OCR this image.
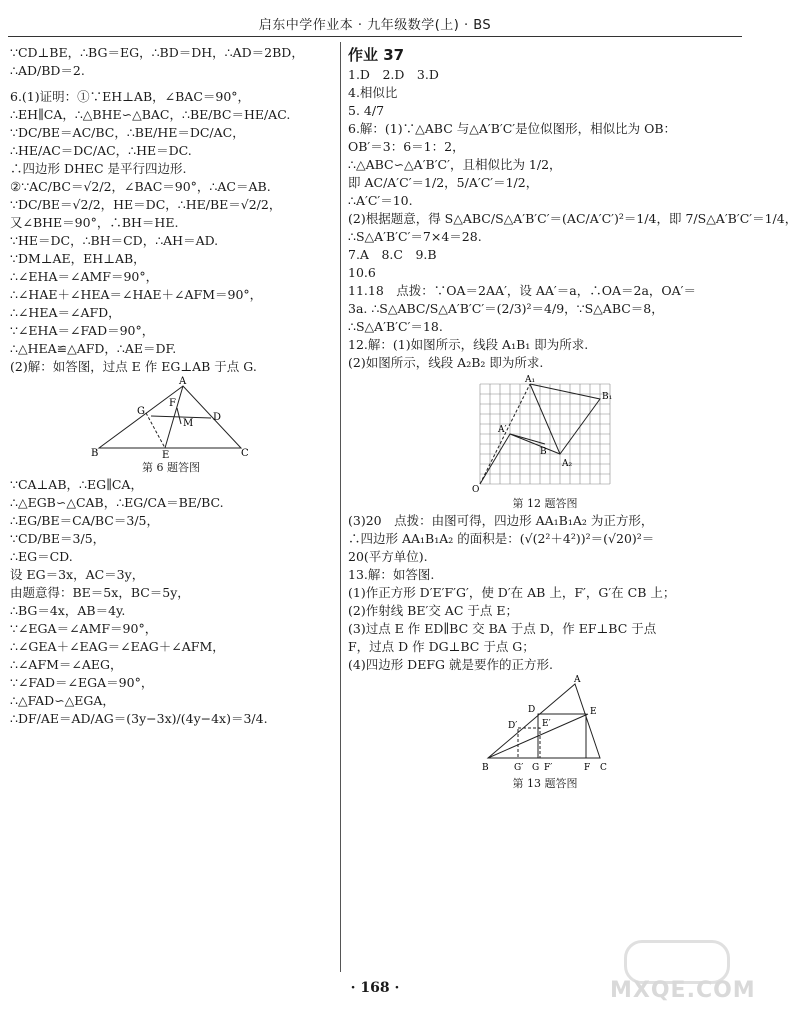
启东中学作业本 · 九年级数学(上) · BS
∵CD⊥BE，∴BG＝EG，∴BD＝DH，∴AD＝2BD，
∴AD/BD＝2.
6.(1)证明：①∵EH⊥AB，∠BAC＝90°，
∴EH∥CA，∴△BHE∽△BAC，∴BE/BC＝HE/AC.
∵DC/BE＝AC/BC，∴BE/HE＝DC/AC，
∴HE/AC＝DC/AC，∴HE＝DC.
∴四边形 DHEC 是平行四边形.
②∵AC/BC＝√2/2，∠BAC＝90°，∴AC＝AB.
∵DC/BE＝√2/2，HE＝DC，∴HE/BE＝√2/2，
又∠BHE＝90°，∴BH＝HE.
∵HE＝DC，∴BH＝CD，∴AH＝AD.
∵DM⊥AE，EH⊥AB，
∴∠EHA＝∠AMF＝90°，
∴∠HAE＋∠HEA＝∠HAE＋∠AFM＝90°，
∴∠HEA＝∠AFD，
∵∠EHA＝∠FAD＝90°，
∴△HEA≌△AFD，∴AE＝DF.
(2)解：如答图，过点 E 作 EG⊥AB 于点 G.
A
B	C
D
E
F
G
M
第 6 题答图
∵CA⊥AB，∴EG∥CA，
∴△EGB∽△CAB，∴EG/CA＝BE/BC.
∴EG/BE＝CA/BC＝3/5，
∵CD/BE＝3/5，
∴EG＝CD.
设 EG＝3x，AC＝3y，
由题意得：BE＝5x，BC＝5y，
∴BG＝4x，AB＝4y.
∵∠EGA＝∠AMF＝90°，
∴∠GEA＋∠EAG＝∠EAG＋∠AFM，
∴∠AFM＝∠AEG，
∵∠FAD＝∠EGA＝90°，
∴△FAD∽△EGA，
∴DF/AE＝AD/AG＝(3y−3x)/(4y−4x)＝3/4.
作业 37
1.D　2.D　3.D
4.相似比
5. 4/7
6.解：(1)∵△ABC 与△A′B′C′是位似图形，相似比为 OB：
OB′＝3：6＝1：2，
∴△ABC∽△A′B′C′，且相似比为 1/2，
即 AC/A′C′＝1/2，5/A′C′＝1/2，
∴A′C′＝10.
(2)根据题意，得 S△ABC/S△A′B′C′＝(AC/A′C′)²＝1/4，即 7/S△A′B′C′＝1/4，
∴S△A′B′C′＝7×4＝28.
7.A　8.C　9.B
10.6
11.18　点拨：∵OA＝2AA′，设 AA′＝a，∴OA＝2a，OA′＝
3a. ∴S△ABC/S△A′B′C′＝(2/3)²＝4/9，∵S△ABC＝8，
∴S△A′B′C′＝18.
12.解：(1)如图所示，线段 A₁B₁ 即为所求.
(2)如图所示，线段 A₂B₂ 即为所求.
O
A₁
B₁
A₂
A′
B
第 12 题答图
(3)20　点拨：由图可得，四边形 AA₁B₁A₂ 为正方形，
∴四边形 AA₁B₁A₂ 的面积是：(√(2²＋4²))²＝(√20)²＝
20(平方单位).
13.解：如答图.
(1)作正方形 D′E′F′G′，使 D′在 AB 上，F′，G′在 CB 上；
(2)作射线 BE′交 AC 于点 E；
(3)过点 E 作 ED∥BC 交 BA 于点 D，作 EF⊥BC 于点
F，过点 D 作 DG⊥BC 于点 G；
(4)四边形 DEFG 就是要作的正方形.
A
B	C
D	E
D′	E′
G′ G F′	F
第 13 题答图
· 168 ·	MXQE.COM
